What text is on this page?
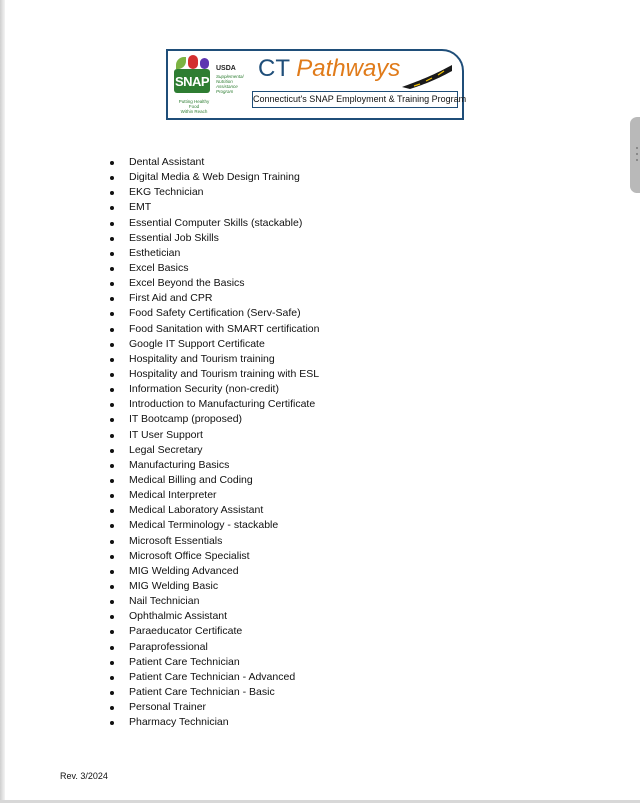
SNAP
USDA
Supplemental
Nutrition
Assistance
Program
Putting Healthy Food
Within Reach
CT Pathways
Connecticut's SNAP Employment & Training Program
Dental Assistant
Digital Media & Web Design Training
EKG Technician
EMT
Essential Computer Skills (stackable)
Essential Job Skills
Esthetician
Excel Basics
Excel Beyond the Basics
First Aid and CPR
Food Safety Certification (Serv-Safe)
Food Sanitation with SMART certification
Google IT Support Certificate
Hospitality and Tourism training
Hospitality and Tourism training with ESL
Information Security (non-credit)
Introduction to Manufacturing Certificate
IT Bootcamp (proposed)
IT User Support
Legal Secretary
Manufacturing Basics
Medical Billing and Coding
Medical Interpreter
Medical Laboratory Assistant
Medical Terminology - stackable
Microsoft Essentials
Microsoft Office Specialist
MIG Welding Advanced
MIG Welding Basic
Nail Technician
Ophthalmic Assistant
Paraeducator Certificate
Paraprofessional
Patient Care Technician
Patient Care Technician - Advanced
Patient Care Technician - Basic
Personal Trainer
Pharmacy Technician
Rev. 3/2024
